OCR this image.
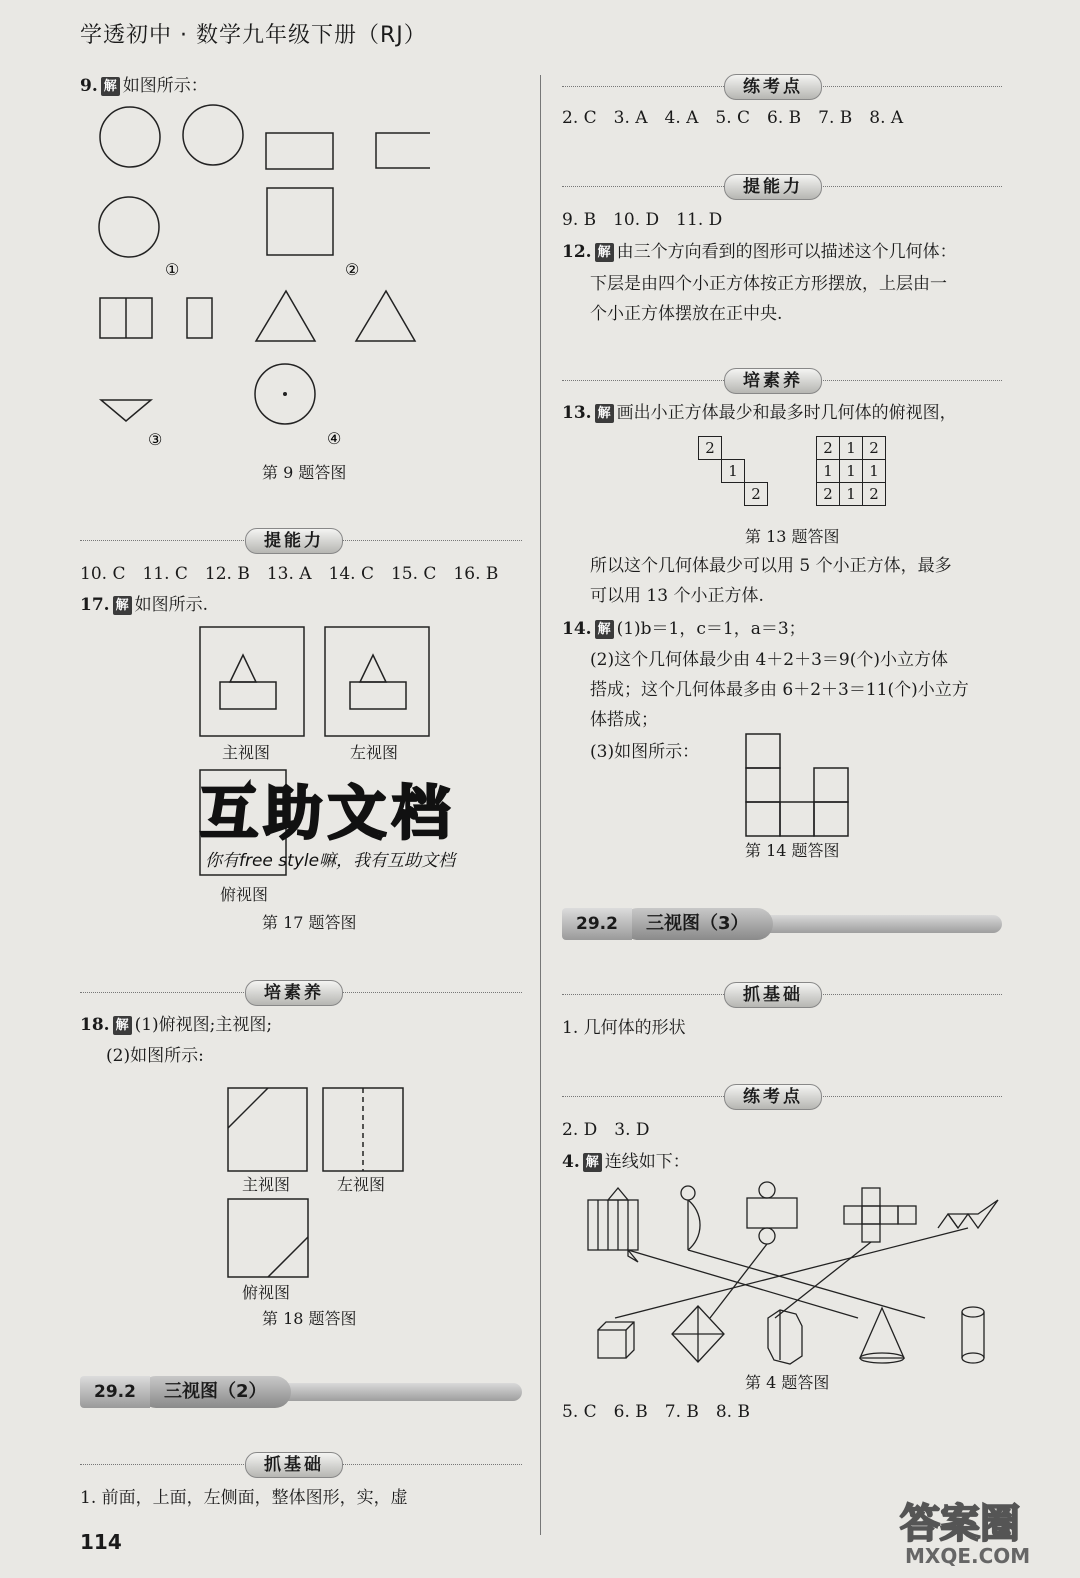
学透初中 · 数学九年级下册（RJ）
9. 解 如图所示：
①	②
③	④
第 9 题答图
提能力
10. C　11. C　12. B　13. A　14. C　15. C　16. B
17. 解 如图所示.
主视图	左视图
互助文档
你有free style嘛，我有互助文档
俯视图
第 17 题答图
培素养
18. 解 (1)俯视图;主视图;
(2)如图所示:
主视图	左视图
俯视图
第 18 题答图
三视图（2）
29.2
抓基础
1. 前面，上面，左侧面，整体图形，实，虚
114
练考点
2. C　3. A　4. A　5. C　6. B　7. B　8. A
提能力
9. B　10. D　11. D
12. 解 由三个方向看到的图形可以描述这个几何体：
下层是由四个小正方体按正方形摆放，上层由一
个小正方体摆放在正中央.
培素养
13. 解 画出小正方体最少和最多时几何体的俯视图，
2		
	1	
		2
2	1	2
1	1	1
2	1	2
第 13 题答图
所以这个几何体最少可以用 5 个小正方体，最多
可以用 13 个小正方体.
14. 解 (1)b＝1，c＝1，a＝3；
(2)这个几何体最少由 4＋2＋3＝9(个)小立方体
搭成；这个几何体最多由 6＋2＋3＝11(个)小立方
体搭成；
(3)如图所示：
第 14 题答图
三视图（3）
29.2
抓基础
1. 几何体的形状
练考点
2. D　3. D
4. 解 连线如下：
第 4 题答图
5. C　6. B　7. B　8. B
答案圈
MXQE.COM
